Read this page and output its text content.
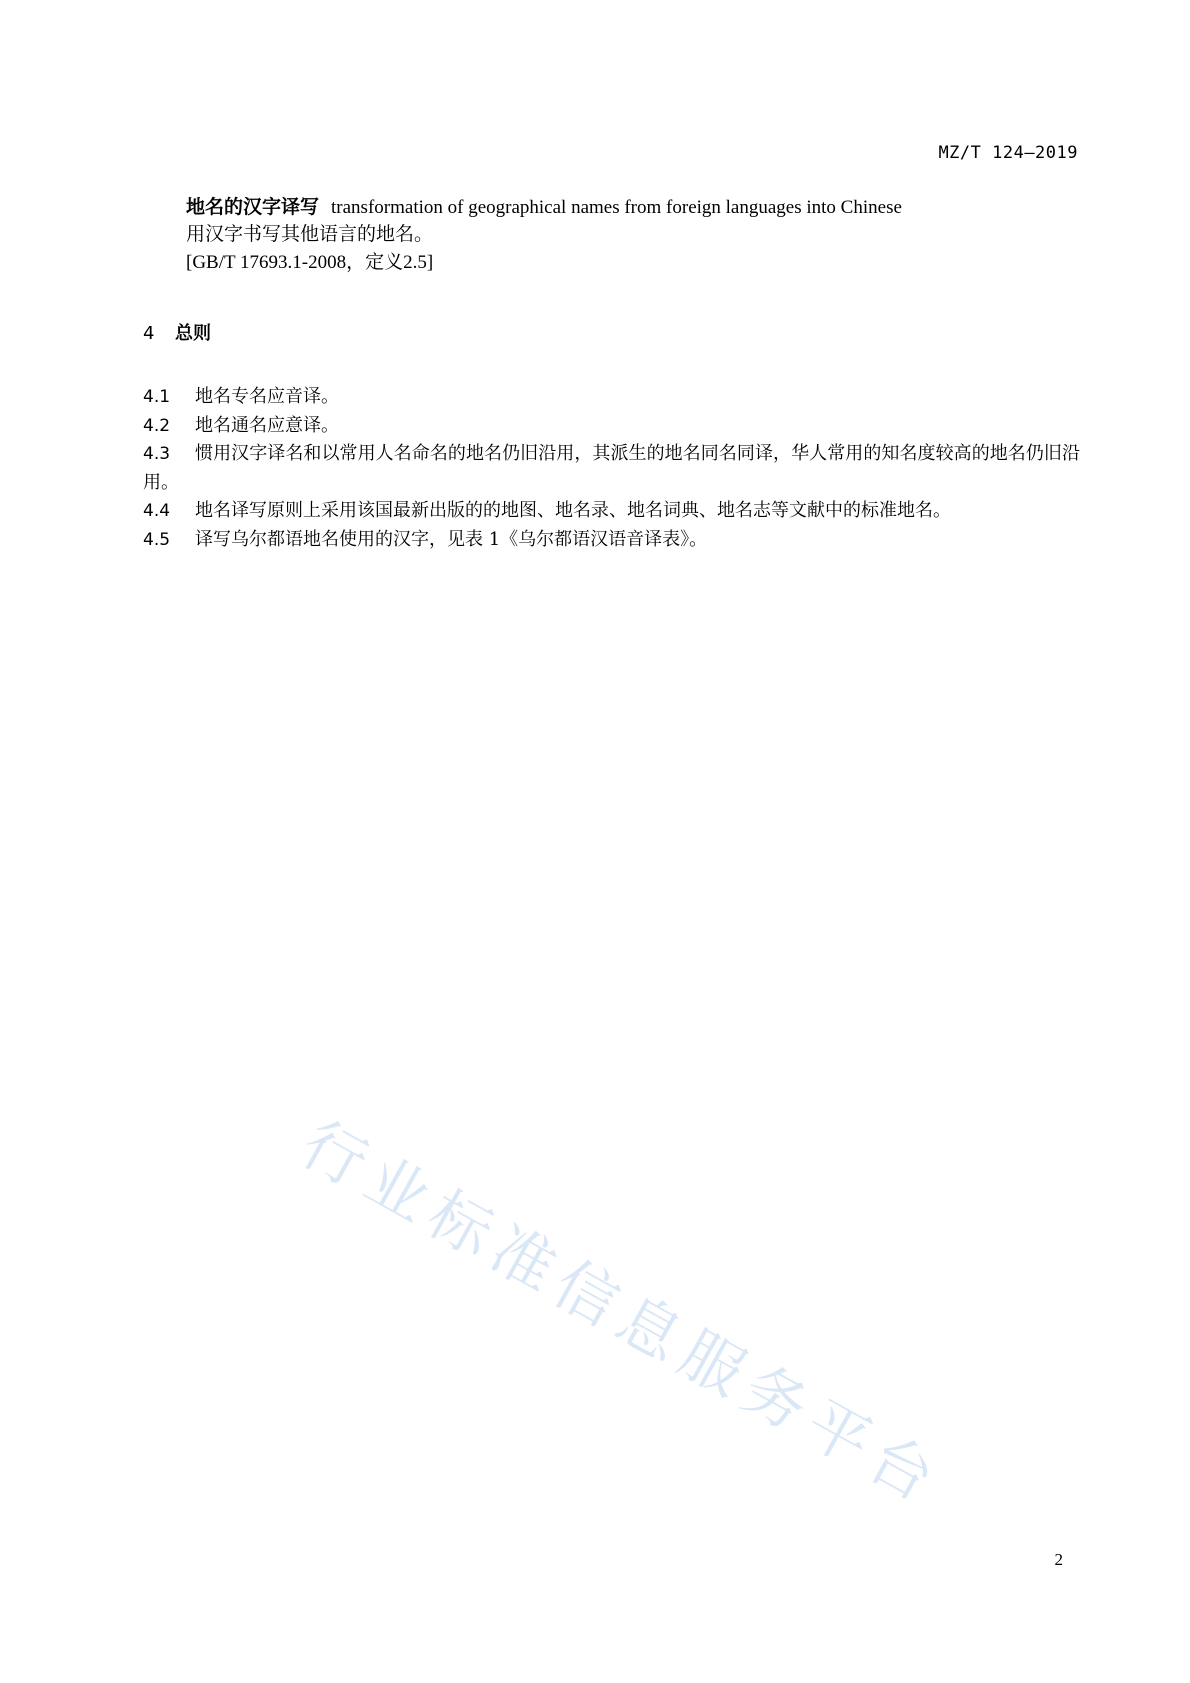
MZ/T 124—2019
地名的汉字译写 transformation of geographical names from foreign languages into Chinese
用汉字书写其他语言的地名。
[GB/T 17693.1-2008，定义2.5]
4 总则
4.1 地名专名应音译。
4.2 地名通名应意译。
4.3 惯用汉字译名和以常用人名命名的地名仍旧沿用，其派生的地名同名同译，华人常用的知名度较高的地名仍旧沿用。
4.4 地名译写原则上采用该国最新出版的的地图、地名录、地名词典、地名志等文献中的标准地名。
4.5 译写乌尔都语地名使用的汉字，见表 1《乌尔都语汉语音译表》。
行业标准信息服务平台
2
